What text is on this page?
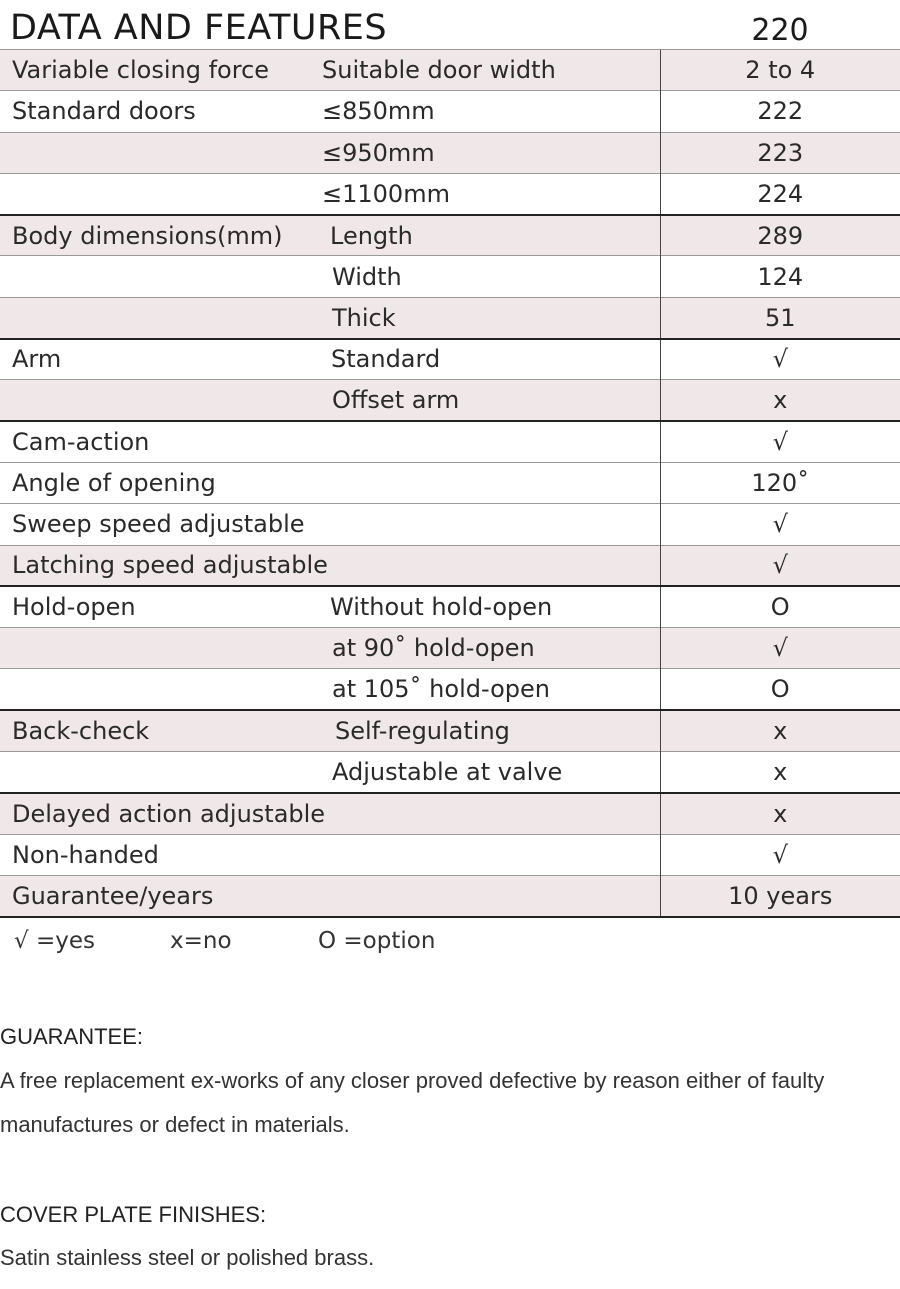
DATA AND FEATURES	220
Variable closing force	Suitable door width	2 to 4
Standard doors	≤850mm	222
	≤950mm	223
	≤1100mm	224
Body dimensions(mm)	Length	289
	Width	124
	Thick	51
Arm	Standard	√
	Offset arm	x
Cam-action		√
Angle of opening		120˚
Sweep speed adjustable		√
Latching speed adjustable		√
Hold-open	Without hold-open	O
	at 90˚ hold-open	√
	at 105˚ hold-open	O
Back-check	Self-regulating	x
	Adjustable at valve	x
Delayed action adjustable		x
Non-handed		√
Guarantee/years		10 years
√ =yes	x=no	O =option
GUARANTEE:
A free replacement ex-works of any closer proved defective by reason either of faulty manufactures or defect in materials.
COVER PLATE FINISHES:
Satin stainless steel or polished brass.
